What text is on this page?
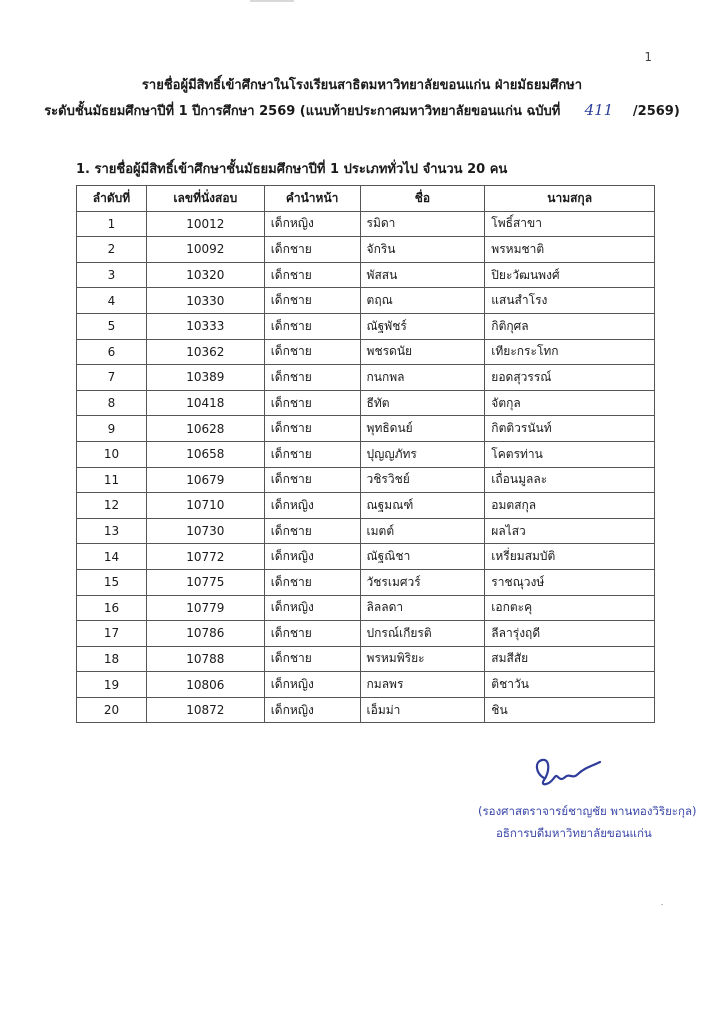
1
รายชื่อผู้มีสิทธิ์เข้าศึกษาในโรงเรียนสาธิตมหาวิทยาลัยขอนแก่น ฝ่ายมัธยมศึกษา
ระดับชั้นมัธยมศึกษาปีที่ 1 ปีการศึกษา 2569 (แนบท้ายประกาศมหาวิทยาลัยขอนแก่น ฉบับที่ 411 /2569)
1. รายชื่อผู้มีสิทธิ์เข้าศึกษาชั้นมัธยมศึกษาปีที่ 1 ประเภททั่วไป จำนวน 20 คน
ลำดับที่	เลขที่นั่งสอบ	คำนำหน้า	ชื่อ	นามสกุล
1	10012	เด็กหญิง	รมิดา	โพธิ์สาขา
2	10092	เด็กชาย	จักริน	พรหมชาติ
3	10320	เด็กชาย	พัสสน	ปิยะวัฒนพงศ์
4	10330	เด็กชาย	ตฤณ	แสนสำโรง
5	10333	เด็กชาย	ณัฐพัชร์	กิติกุศล
6	10362	เด็กชาย	พชรดนัย	เทียะกระโทก
7	10389	เด็กชาย	กนกพล	ยอดสุวรรณ์
8	10418	เด็กชาย	ธีทัต	จัตกุล
9	10628	เด็กชาย	พุทธิดนย์	กิตติวรนันท์
10	10658	เด็กชาย	ปุญญภัทร	โคตรท่าน
11	10679	เด็กชาย	วชิรวิชย์	เถื่อนมูลละ
12	10710	เด็กหญิง	ณฐมณฑ์	อมตสกุล
13	10730	เด็กชาย	เมตต์	ผลไสว
14	10772	เด็กหญิง	ณัฐณิชา	เหรี่ยมสมบัติ
15	10775	เด็กชาย	วัชรเมศวร์	ราชณุวงษ์
16	10779	เด็กหญิง	ลิลลดา	เอกตะคุ
17	10786	เด็กชาย	ปกรณ์เกียรติ	ลีลารุ่งฤดี
18	10788	เด็กชาย	พรหมพิริยะ	สมสีสัย
19	10806	เด็กหญิง	กมลพร	ติชาวัน
20	10872	เด็กหญิง	เอ็มม่า	ชิน
(รองศาสตราจารย์ชาญชัย พานทองวิริยะกุล)
อธิการบดีมหาวิทยาลัยขอนแก่น
